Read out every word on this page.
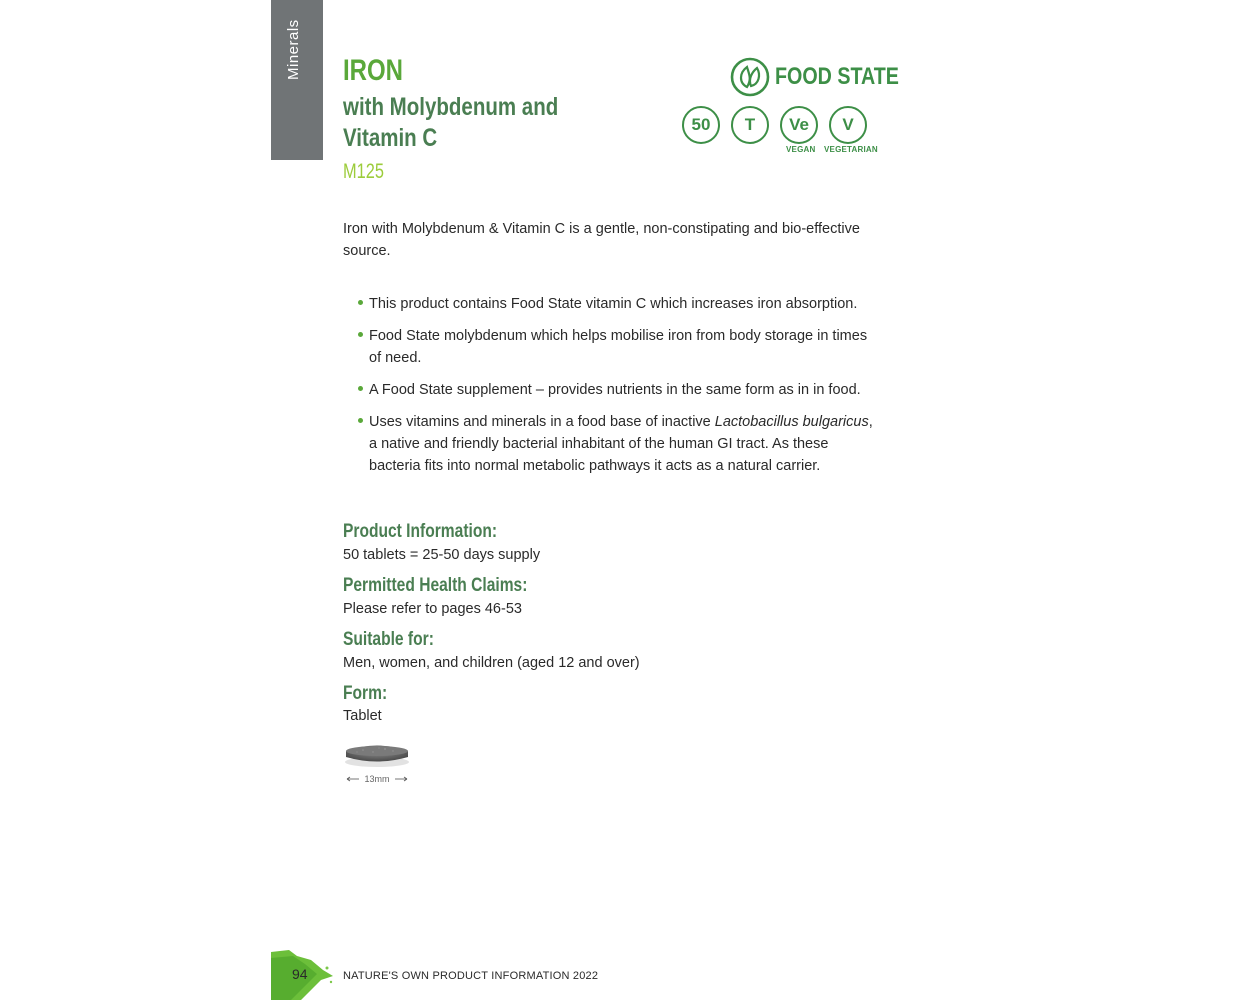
Minerals IRON
with Molybdenum and
Vitamin C
M125
FOOD STATE
50	T	Ve	V
VEGAN VEGETARIAN
Iron with Molybdenum & Vitamin C is a gentle, non-constipating and bio-effective source.
This product contains Food State vitamin C which increases iron absorption.
Food State molybdenum which helps mobilise iron from body storage in times of need.
A Food State supplement – provides nutrients in the same form as in in food.
Uses vitamins and minerals in a food base of inactive Lactobacillus bulgaricus, a native and friendly bacterial inhabitant of the human GI tract. As these bacteria fits into normal metabolic pathways it acts as a natural carrier.
Product Information:
50 tablets = 25-50 days supply
Permitted Health Claims:
Please refer to pages 46-53
Suitable for:
Men, women, and children (aged 12 and over)
Form:
Tablet
13mm
94	NATURE'S OWN PRODUCT INFORMATION 2022
